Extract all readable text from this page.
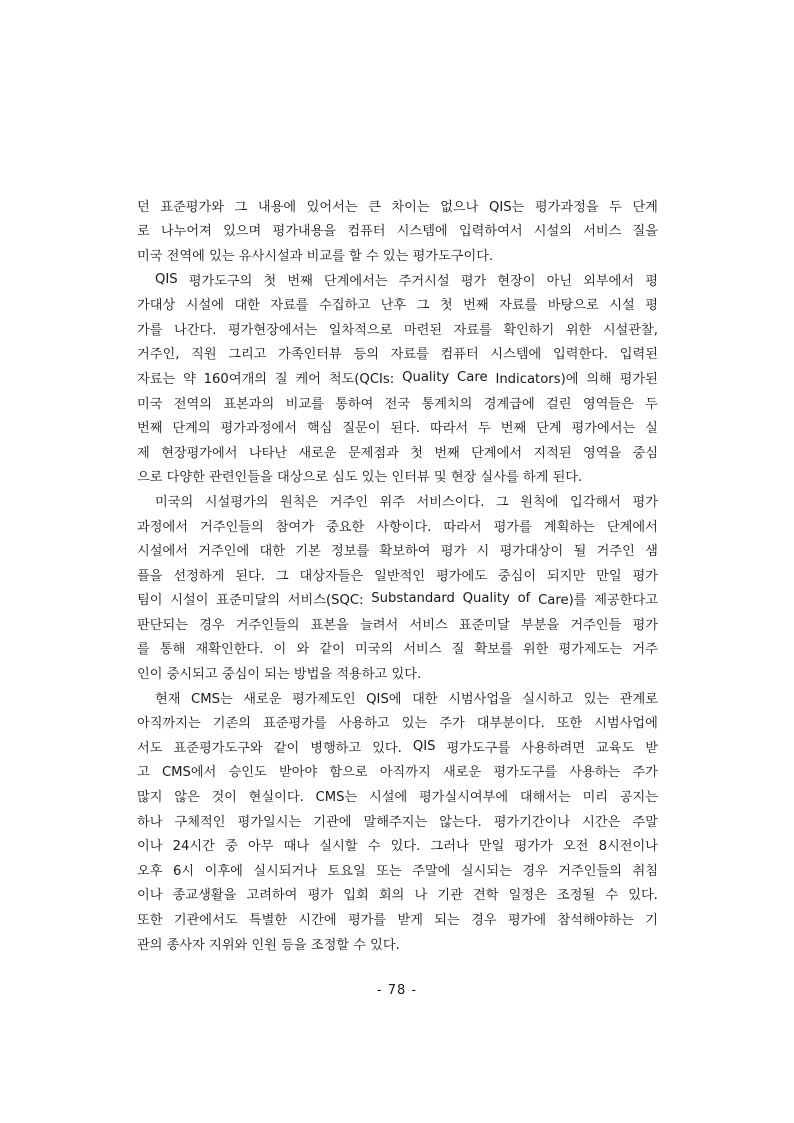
던 표준평가와 그 내용에 있어서는 큰 차이는 없으나 QIS는 평가과정을 두 단계
로 나누어져 있으며 평가내용을 컴퓨터 시스템에 입력하여서 시설의 서비스 질을
미국 전역에 있는 유사시설과 비교를 할 수 있는 평가도구이다.
QIS 평가도구의 첫 번째 단계에서는 주거시설 평가 현장이 아닌 외부에서 평
가대상 시설에 대한 자료를 수집하고 난후 그 첫 번째 자료를 바탕으로 시설 평
가를 나간다. 평가현장에서는 일차적으로 마련된 자료를 확인하기 위한 시설관찰,
거주인, 직원 그리고 가족인터뷰 등의 자료를 컴퓨터 시스템에 입력한다. 입력된
자료는 약 160여개의 질 케어 척도(QCIs: Quality Care Indicators)에 의해 평가된
미국 전역의 표본과의 비교를 통하여 전국 통계치의 경계급에 걸린 영역들은 두
번째 단계의 평가과정에서 핵심 질문이 된다. 따라서 두 번째 단계 평가에서는 실
제 현장평가에서 나타난 새로운 문제점과 첫 번째 단계에서 지적된 영역을 중심
으로 다양한 관련인들을 대상으로 심도 있는 인터뷰 및 현장 실사를 하게 된다.
미국의 시설평가의 원칙은 거주인 위주 서비스이다. 그 원칙에 입각해서 평가
과정에서 거주인들의 참여가 중요한 사항이다. 따라서 평가를 계획하는 단계에서
시설에서 거주인에 대한 기본 정보를 확보하여 평가 시 평가대상이 될 거주인 샘
플을 선정하게 된다. 그 대상자들은 일반적인 평가에도 중심이 되지만 만일 평가
팀이 시설이 표준미달의 서비스(SQC: Substandard Quality of Care)를 제공한다고
판단되는 경우 거주인들의 표본을 늘려서 서비스 표준미달 부분을 거주인들 평가
를 통해 재확인한다. 이 와 같이 미국의 서비스 질 확보를 위한 평가제도는 거주
인이 중시되고 중심이 되는 방법을 적용하고 있다.
현재 CMS는 새로운 평가제도인 QIS에 대한 시범사업을 실시하고 있는 관계로
아직까지는 기존의 표준평가를 사용하고 있는 주가 대부분이다. 또한 시범사업에
서도 표준평가도구와 같이 병행하고 있다. QIS 평가도구를 사용하려면 교육도 받
고 CMS에서 승인도 받아야 함으로 아직까지 새로운 평가도구를 사용하는 주가
많지 않은 것이 현실이다. CMS는 시설에 평가실시여부에 대해서는 미리 공지는
하나 구체적인 평가일시는 기관에 말해주지는 않는다. 평가기간이나 시간은 주말
이나 24시간 중 아무 때나 실시할 수 있다. 그러나 만일 평가가 오전 8시전이나
오후 6시 이후에 실시되거나 토요일 또는 주말에 실시되는 경우 거주인들의 취침
이나 종교생활을 고려하여 평가 입회 회의 나 기관 견학 일정은 조정될 수 있다.
또한 기관에서도 특별한 시간에 평가를 받게 되는 경우 평가에 참석해야하는 기
관의 종사자 지위와 인원 등을 조정할 수 있다.
- 78 -
